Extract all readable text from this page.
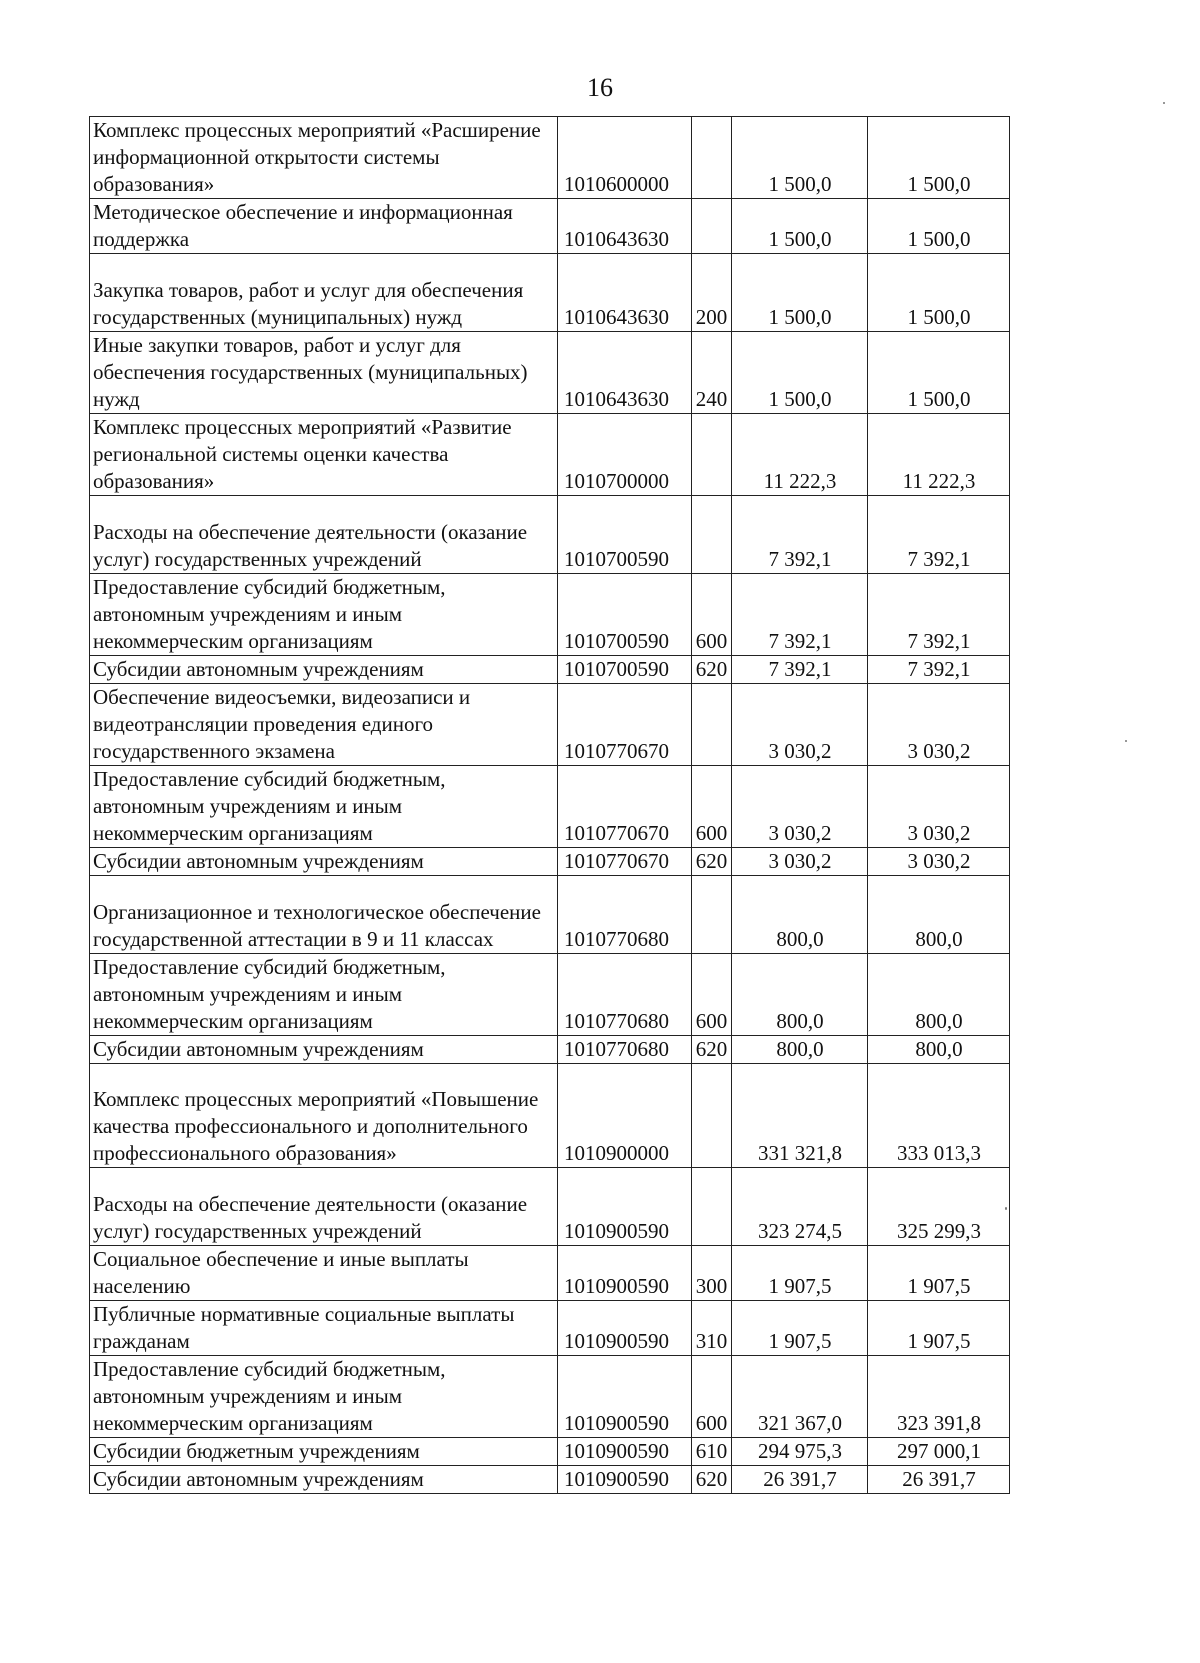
16
Комплекс процессных мероприятий «Расширение информационной открытости системы образования»	1010600000		1 500,0	1 500,0
Методическое обеспечение и информационная поддержка	1010643630		1 500,0	1 500,0
Закупка товаров, работ и услуг для обеспечения государственных (муниципальных) нужд	1010643630	200	1 500,0	1 500,0
Иные закупки товаров, работ и услуг для обеспечения государственных (муниципальных) нужд	1010643630	240	1 500,0	1 500,0
Комплекс процессных мероприятий «Развитие региональной системы оценки качества образования»	1010700000		11 222,3	11 222,3
Расходы на обеспечение деятельности (оказание услуг) государственных учреждений	1010700590		7 392,1	7 392,1
Предоставление субсидий бюджетным, автономным учреждениям и иным некоммерческим организациям	1010700590	600	7 392,1	7 392,1
Субсидии автономным учреждениям	1010700590	620	7 392,1	7 392,1
Обеспечение видеосъемки, видеозаписи и видеотрансляции проведения единого государственного экзамена	1010770670		3 030,2	3 030,2
Предоставление субсидий бюджетным, автономным учреждениям и иным некоммерческим организациям	1010770670	600	3 030,2	3 030,2
Субсидии автономным учреждениям	1010770670	620	3 030,2	3 030,2
Организационное и технологическое обеспечение государственной аттестации в 9 и 11 классах	1010770680		800,0	800,0
Предоставление субсидий бюджетным, автономным учреждениям и иным некоммерческим организациям	1010770680	600	800,0	800,0
Субсидии автономным учреждениям	1010770680	620	800,0	800,0
Комплекс процессных мероприятий «Повышение качества профессионального и дополнительного профессионального образования»	1010900000		331 321,8	333 013,3
Расходы на обеспечение деятельности (оказание услуг) государственных учреждений	1010900590		323 274,5	325 299,3
Социальное обеспечение и иные выплаты населению	1010900590	300	1 907,5	1 907,5
Публичные нормативные социальные выплаты гражданам	1010900590	310	1 907,5	1 907,5
Предоставление субсидий бюджетным, автономным учреждениям и иным некоммерческим организациям	1010900590	600	321 367,0	323 391,8
Субсидии бюджетным учреждениям	1010900590	610	294 975,3	297 000,1
Субсидии автономным учреждениям	1010900590	620	26 391,7	26 391,7
